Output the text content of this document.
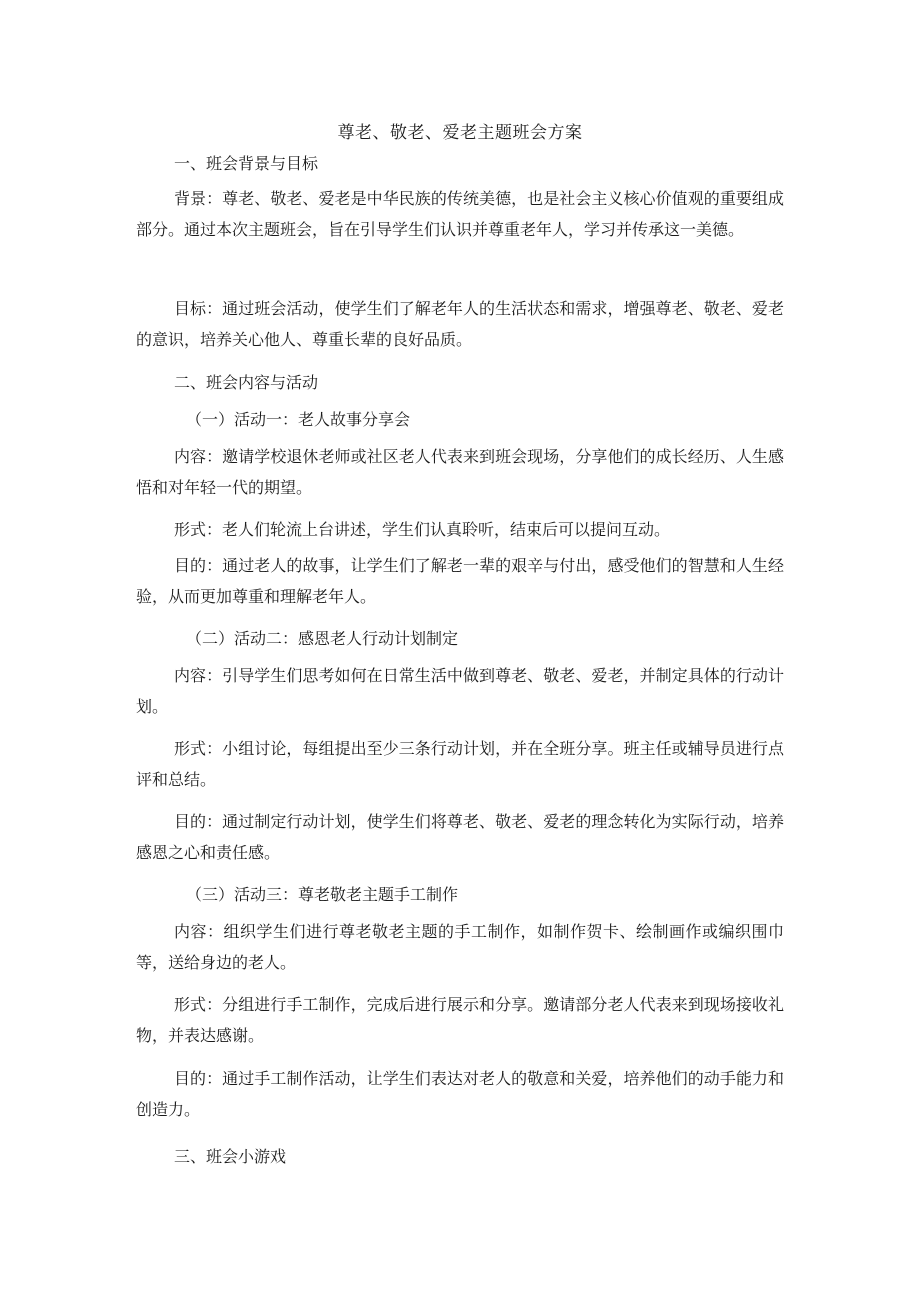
尊老、敬老、爱老主题班会方案

一、班会背景与目标

背景：尊老、敬老、爱老是中华民族的传统美德，也是社会主义核心价值观的重要组成部分。通过本次主题班会，旨在引导学生们认识并尊重老年人，学习并传承这一美德。

目标：通过班会活动，使学生们了解老年人的生活状态和需求，增强尊老、敬老、爱老的意识，培养关心他人、尊重长辈的良好品质。

二、班会内容与活动

（一）活动一：老人故事分享会

内容：邀请学校退休老师或社区老人代表来到班会现场，分享他们的成长经历、人生感悟和对年轻一代的期望。

形式：老人们轮流上台讲述，学生们认真聆听，结束后可以提问互动。

目的：通过老人的故事，让学生们了解老一辈的艰辛与付出，感受他们的智慧和人生经验，从而更加尊重和理解老年人。

（二）活动二：感恩老人行动计划制定

内容：引导学生们思考如何在日常生活中做到尊老、敬老、爱老，并制定具体的行动计划。

形式：小组讨论，每组提出至少三条行动计划，并在全班分享。班主任或辅导员进行点评和总结。

目的：通过制定行动计划，使学生们将尊老、敬老、爱老的理念转化为实际行动，培养感恩之心和责任感。

（三）活动三：尊老敬老主题手工制作

内容：组织学生们进行尊老敬老主题的手工制作，如制作贺卡、绘制画作或编织围巾等，送给身边的老人。

形式：分组进行手工制作，完成后进行展示和分享。邀请部分老人代表来到现场接收礼物，并表达感谢。

目的：通过手工制作活动，让学生们表达对老人的敬意和关爱，培养他们的动手能力和创造力。

三、班会小游戏
